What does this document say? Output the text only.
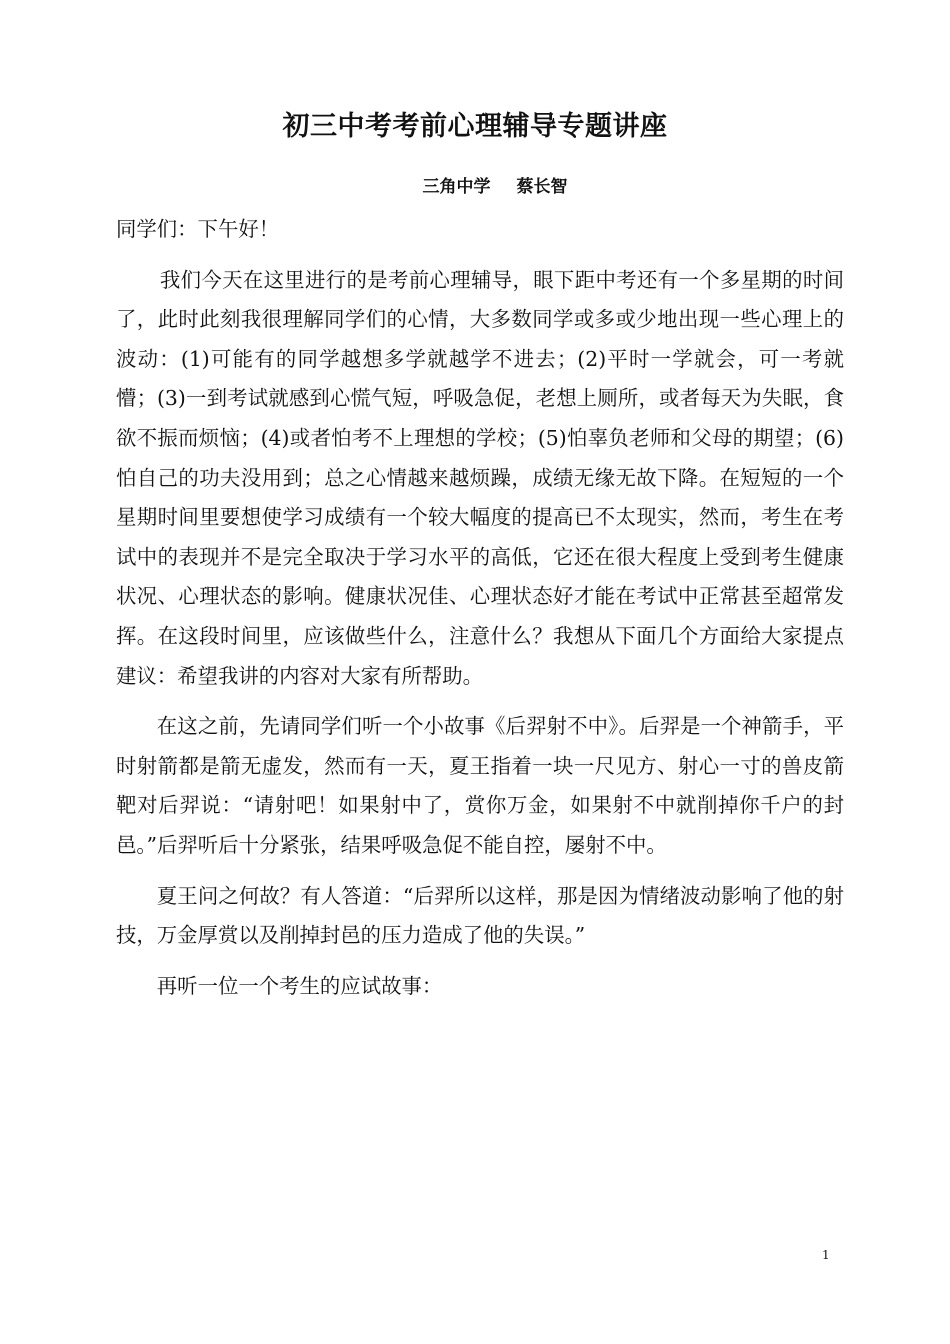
初三中考考前心理辅导专题讲座
三角中学 蔡长智

同学们：下午好！

我们今天在这里进行的是考前心理辅导，眼下距中考还有一个多星期的时间了，此时此刻我很理解同学们的心情，大多数同学或多或少地出现一些心理上的波动：(1)可能有的同学越想多学就越学不进去；(2)平时一学就会，可一考就懵；(3)一到考试就感到心慌气短，呼吸急促，老想上厕所，或者每天为失眠，食欲不振而烦恼；(4)或者怕考不上理想的学校；(5)怕辜负老师和父母的期望；(6)怕自己的功夫没用到；总之心情越来越烦躁，成绩无缘无故下降。在短短的一个星期时间里要想使学习成绩有一个较大幅度的提高已不太现实，然而，考生在考试中的表现并不是完全取决于学习水平的高低，它还在很大程度上受到考生健康状况、心理状态的影响。健康状况佳、心理状态好才能在考试中正常甚至超常发挥。在这段时间里，应该做些什么，注意什么？我想从下面几个方面给大家提点建议：希望我讲的内容对大家有所帮助。

在这之前，先请同学们听一个小故事《后羿射不中》。后羿是一个神箭手，平时射箭都是箭无虚发，然而有一天，夏王指着一块一尺见方、射心一寸的兽皮箭靶对后羿说：“请射吧！如果射中了，赏你万金，如果射不中就削掉你千户的封邑。”后羿听后十分紧张，结果呼吸急促不能自控，屡射不中。

夏王问之何故？有人答道：“后羿所以这样，那是因为情绪波动影响了他的射技，万金厚赏以及削掉封邑的压力造成了他的失误。”

再听一位一个考生的应试故事：

1
